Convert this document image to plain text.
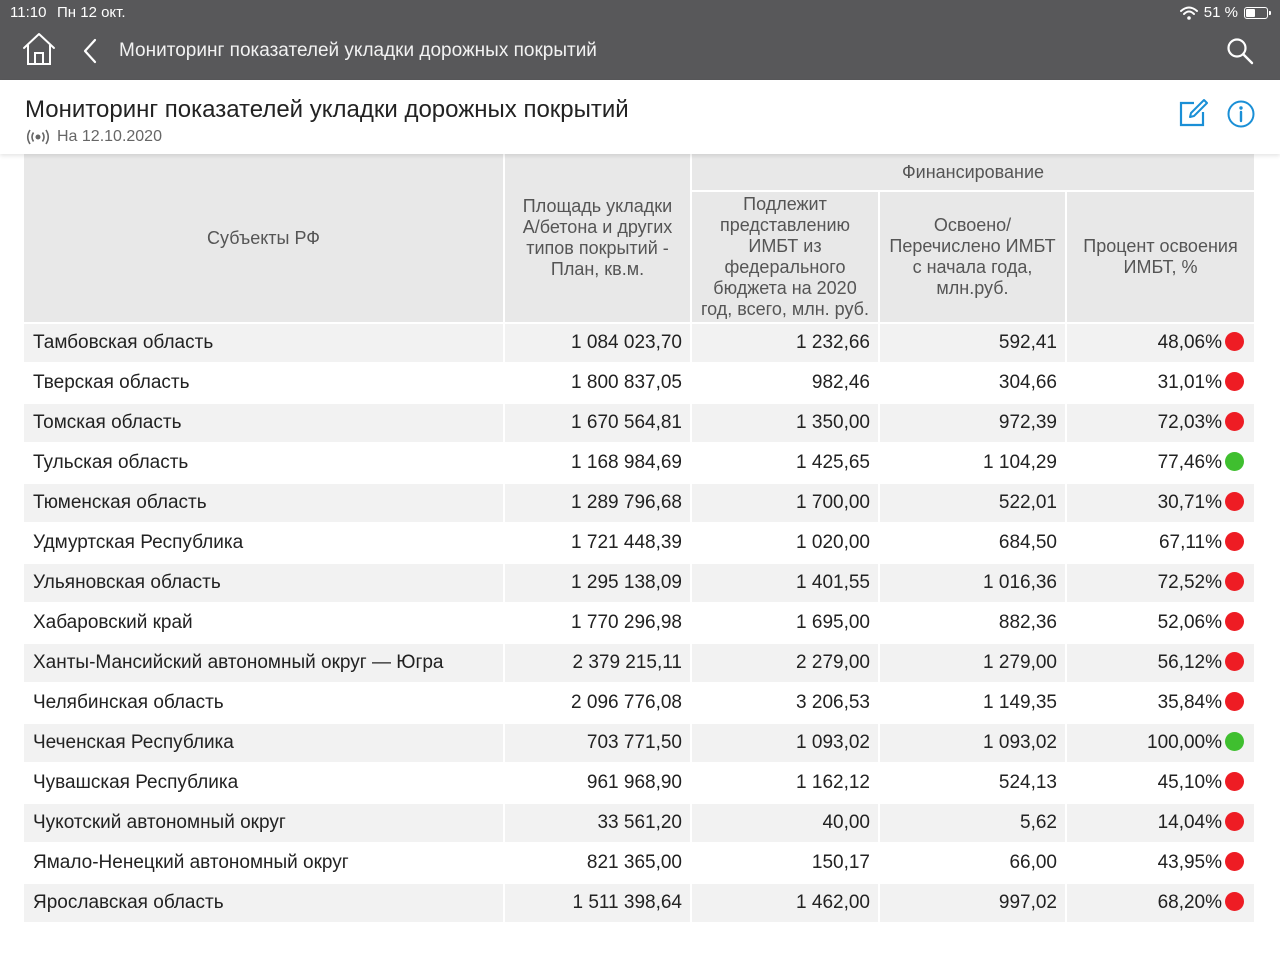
11:10 Пн 12 окт.	51 %
Мониторинг показателей укладки дорожных покрытий
Мониторинг показателей укладки дорожных покрытий
На 12.10.2020
Субъекты РФ	Площадь укладки А/бетона и других типов покрытий - План, кв.м.	Финансирование		
		Подлежит представлению ИМБТ из федерального бюджета на 2020 год, всего, млн. руб.	Освоено/ Перечислено ИМБТ с начала года, млн.руб.	Процент освоения ИМБТ, %
Тамбовская область	1 084 023,70	1 232,66	592,41	48,06%
Тверская область	1 800 837,05	982,46	304,66	31,01%
Томская область	1 670 564,81	1 350,00	972,39	72,03%
Тульская область	1 168 984,69	1 425,65	1 104,29	77,46%
Тюменская область	1 289 796,68	1 700,00	522,01	30,71%
Удмуртская Республика	1 721 448,39	1 020,00	684,50	67,11%
Ульяновская область	1 295 138,09	1 401,55	1 016,36	72,52%
Хабаровский край	1 770 296,98	1 695,00	882,36	52,06%
Ханты-Мансийский автономный округ — Югра	2 379 215,11	2 279,00	1 279,00	56,12%
Челябинская область	2 096 776,08	3 206,53	1 149,35	35,84%
Чеченская Республика	703 771,50	1 093,02	1 093,02	100,00%
Чувашская Республика	961 968,90	1 162,12	524,13	45,10%
Чукотский автономный округ	33 561,20	40,00	5,62	14,04%
Ямало-Ненецкий автономный округ	821 365,00	150,17	66,00	43,95%
Ярославская область	1 511 398,64	1 462,00	997,02	68,20%
